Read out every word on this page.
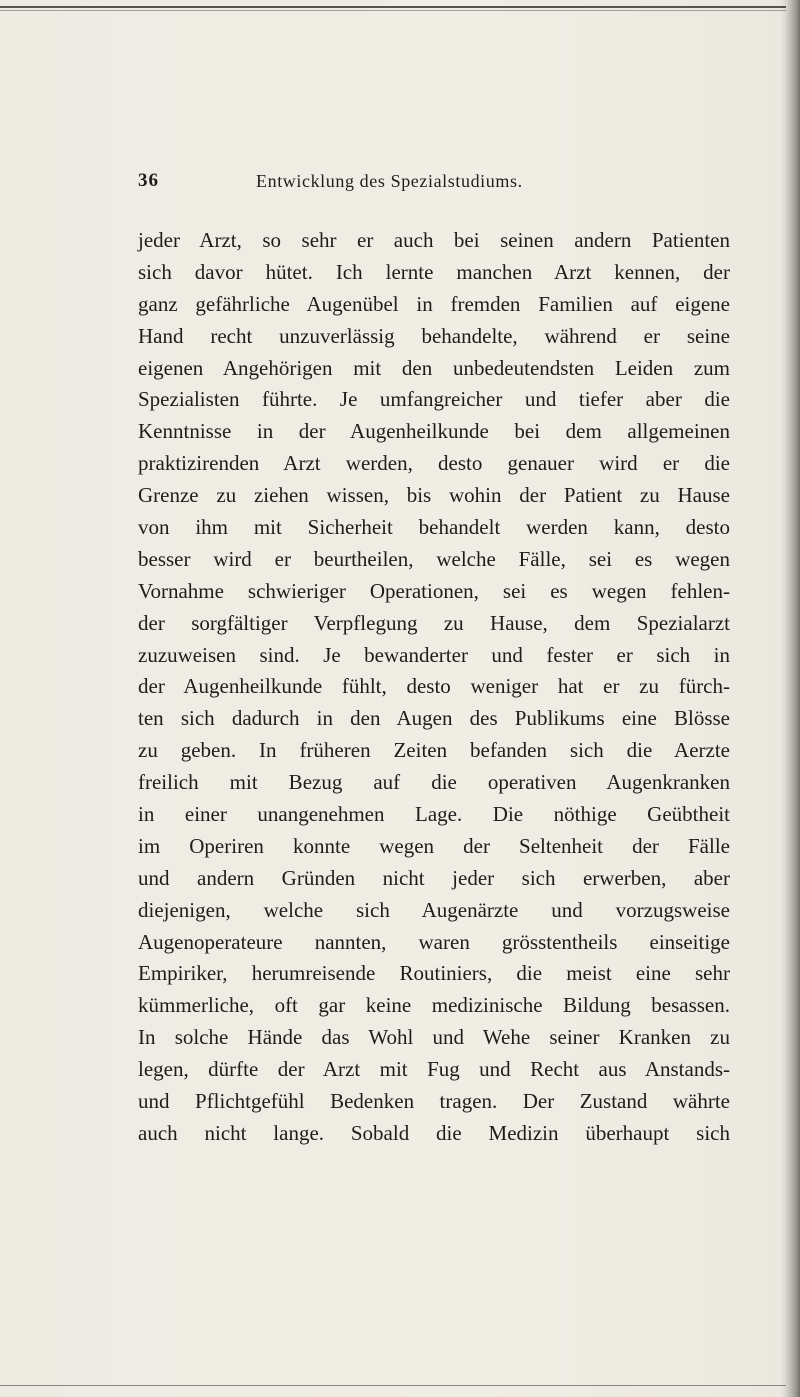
36	Entwicklung des Spezialstudiums.
jeder Arzt, so sehr er auch bei seinen andern Patienten
sich davor hütet. Ich lernte manchen Arzt kennen, der
ganz gefährliche Augenübel in fremden Familien auf eigene
Hand recht unzuverlässig behandelte, während er seine
eigenen Angehörigen mit den unbedeutendsten Leiden zum
Spezialisten führte. Je umfangreicher und tiefer aber die
Kenntnisse in der Augenheilkunde bei dem allgemeinen
praktizirenden Arzt werden, desto genauer wird er die
Grenze zu ziehen wissen, bis wohin der Patient zu Hause
von ihm mit Sicherheit behandelt werden kann, desto
besser wird er beurtheilen, welche Fälle, sei es wegen
Vornahme schwieriger Operationen, sei es wegen fehlen-
der sorgfältiger Verpflegung zu Hause, dem Spezialarzt
zuzuweisen sind. Je bewanderter und fester er sich in
der Augenheilkunde fühlt, desto weniger hat er zu fürch-
ten sich dadurch in den Augen des Publikums eine Blösse
zu geben. In früheren Zeiten befanden sich die Aerzte
freilich mit Bezug auf die operativen Augenkranken
in einer unangenehmen Lage. Die nöthige Geübtheit
im Operiren konnte wegen der Seltenheit der Fälle
und andern Gründen nicht jeder sich erwerben, aber
diejenigen, welche sich Augenärzte und vorzugsweise
Augenoperateure nannten, waren grösstentheils einseitige
Empiriker, herumreisende Routiniers, die meist eine sehr
kümmerliche, oft gar keine medizinische Bildung besassen.
In solche Hände das Wohl und Wehe seiner Kranken zu
legen, dürfte der Arzt mit Fug und Recht aus Anstands-
und Pflichtgefühl Bedenken tragen. Der Zustand währte
auch nicht lange. Sobald die Medizin überhaupt sich
